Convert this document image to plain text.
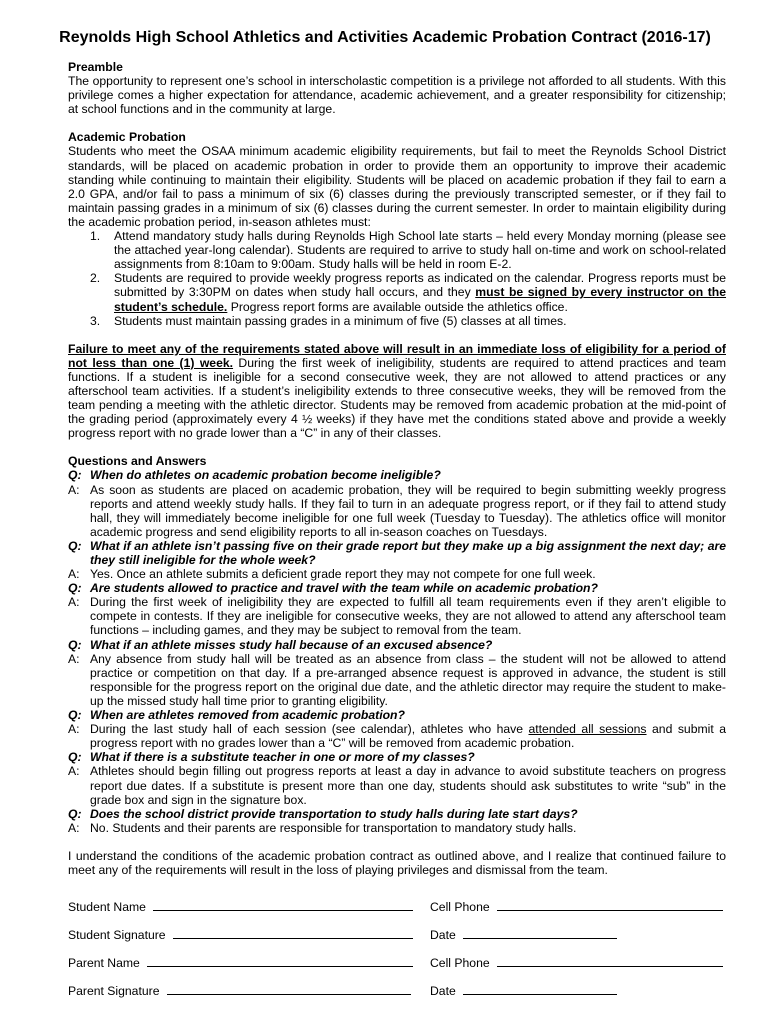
Reynolds High School Athletics and Activities Academic Probation Contract (2016-17)

Preamble

The opportunity to represent one’s school in interscholastic competition is a privilege not afforded to all students. With this privilege comes a higher expectation for attendance, academic achievement, and a greater responsibility for citizenship; at school functions and in the community at large.

Academic Probation

Students who meet the OSAA minimum academic eligibility requirements, but fail to meet the Reynolds School District standards, will be placed on academic probation in order to provide them an opportunity to improve their academic standing while continuing to maintain their eligibility. Students will be placed on academic probation if they fail to earn a 2.0 GPA, and/or fail to pass a minimum of six (6) classes during the previously transcripted semester, or if they fail to maintain passing grades in a minimum of six (6) classes during the current semester. In order to maintain eligibility during the academic probation period, in-season athletes must:

1. Attend mandatory study halls during Reynolds High School late starts – held every Monday morning (please see the attached year-long calendar). Students are required to arrive to study hall on-time and work on school-related assignments from 8:10am to 9:00am. Study halls will be held in room E-2.
2. Students are required to provide weekly progress reports as indicated on the calendar. Progress reports must be submitted by 3:30PM on dates when study hall occurs, and they must be signed by every instructor on the student’s schedule. Progress report forms are available outside the athletics office.
3. Students must maintain passing grades in a minimum of five (5) classes at all times.

Failure to meet any of the requirements stated above will result in an immediate loss of eligibility for a period of not less than one (1) week. During the first week of ineligibility, students are required to attend practices and team functions. If a student is ineligible for a second consecutive week, they are not allowed to attend practices or any afterschool team activities. If a student’s ineligibility extends to three consecutive weeks, they will be removed from the team pending a meeting with the athletic director. Students may be removed from academic probation at the mid-point of the grading period (approximately every 4 ½ weeks) if they have met the conditions stated above and provide a weekly progress report with no grade lower than a “C” in any of their classes.

Questions and Answers

Q: When do athletes on academic probation become ineligible?
A: As soon as students are placed on academic probation, they will be required to begin submitting weekly progress reports and attend weekly study halls. If they fail to turn in an adequate progress report, or if they fail to attend study hall, they will immediately become ineligible for one full week (Tuesday to Tuesday). The athletics office will monitor academic progress and send eligibility reports to all in-season coaches on Tuesdays.
Q: What if an athlete isn’t passing five on their grade report but they make up a big assignment the next day; are they still ineligible for the whole week?
A: Yes. Once an athlete submits a deficient grade report they may not compete for one full week.
Q: Are students allowed to practice and travel with the team while on academic probation?
A: During the first week of ineligibility they are expected to fulfill all team requirements even if they aren’t eligible to compete in contests. If they are ineligible for consecutive weeks, they are not allowed to attend any afterschool team functions – including games, and they may be subject to removal from the team.
Q: What if an athlete misses study hall because of an excused absence?
A: Any absence from study hall will be treated as an absence from class – the student will not be allowed to attend practice or competition on that day. If a pre-arranged absence request is approved in advance, the student is still responsible for the progress report on the original due date, and the athletic director may require the student to make-up the missed study hall time prior to granting eligibility.
Q: When are athletes removed from academic probation?
A: During the last study hall of each session (see calendar), athletes who have attended all sessions and submit a progress report with no grades lower than a “C” will be removed from academic probation.
Q: What if there is a substitute teacher in one or more of my classes?
A: Athletes should begin filling out progress reports at least a day in advance to avoid substitute teachers on progress report due dates. If a substitute is present more than one day, students should ask substitutes to write “sub” in the grade box and sign in the signature box.
Q: Does the school district provide transportation to study halls during late start days?
A: No. Students and their parents are responsible for transportation to mandatory study halls.

I understand the conditions of the academic probation contract as outlined above, and I realize that continued failure to meet any of the requirements will result in the loss of playing privileges and dismissal from the team.

Student Name	Cell Phone
Student Signature	Date
Parent Name	Cell Phone
Parent Signature	Date
